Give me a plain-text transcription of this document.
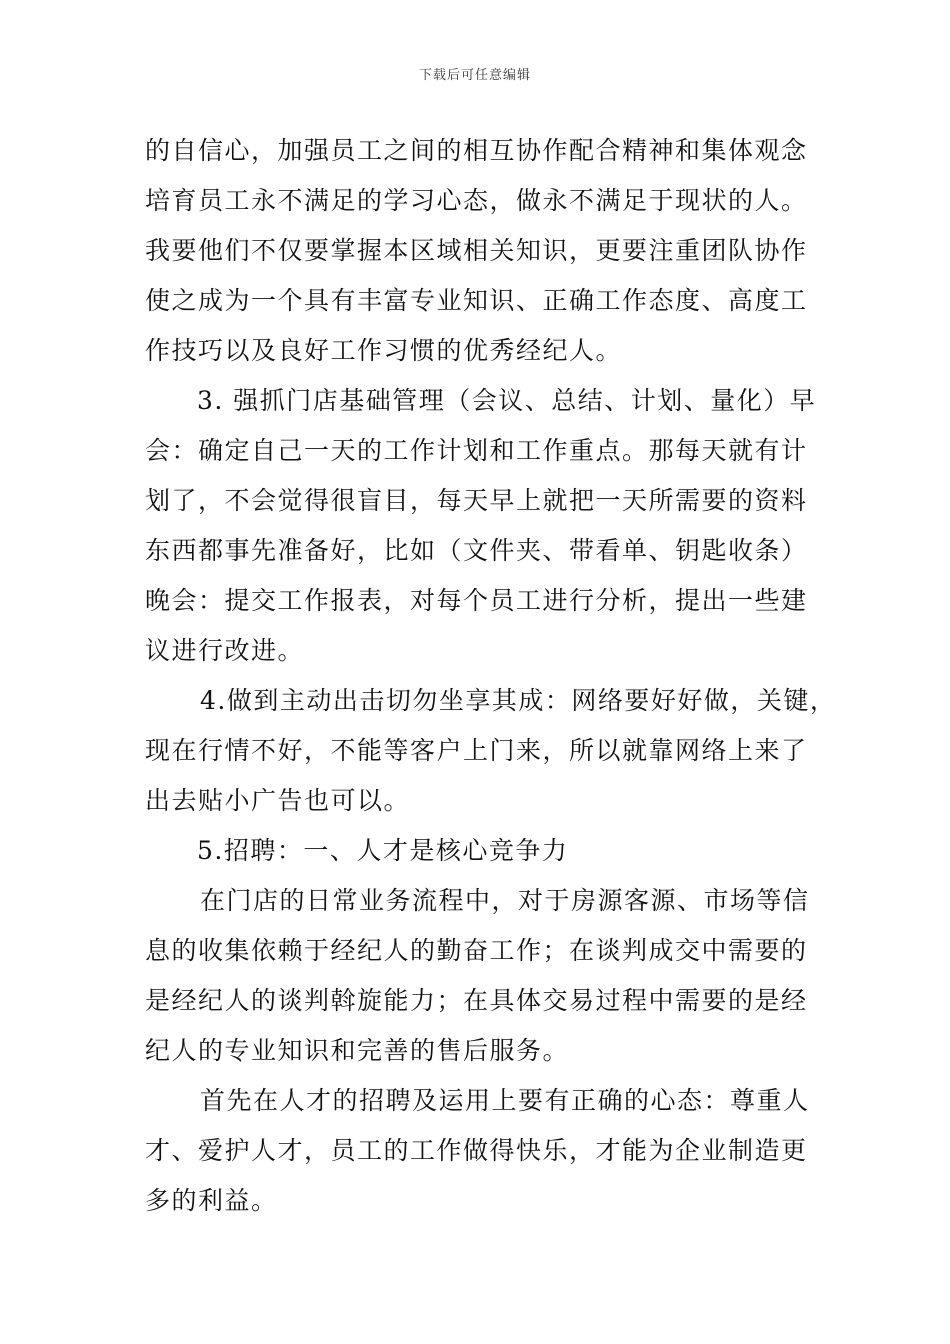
下载后可任意编辑
的自信心，加强员工之间的相互协作配合精神和集体观念
培育员工永不满足的学习心态，做永不满足于现状的人。
我要他们不仅要掌握本区域相关知识，更要注重团队协作
使之成为一个具有丰富专业知识、正确工作态度、高度工
作技巧以及良好工作习惯的优秀经纪人。
3. 强抓门店基础管理（会议、总结、计划、量化）早
会：确定自己一天的工作计划和工作重点。那每天就有计
划了，不会觉得很盲目，每天早上就把一天所需要的资料
东西都事先准备好，比如（文件夹、带看单、钥匙收条）
晚会：提交工作报表，对每个员工进行分析，提出一些建
议进行改进。
4.做到主动出击切勿坐享其成：网络要好好做，关键，
现在行情不好，不能等客户上门来，所以就靠网络上来了
出去贴小广告也可以。
5.招聘：一、人才是核心竞争力
在门店的日常业务流程中，对于房源客源、市场等信
息的收集依赖于经纪人的勤奋工作；在谈判成交中需要的
是经纪人的谈判斡旋能力；在具体交易过程中需要的是经
纪人的专业知识和完善的售后服务。
首先在人才的招聘及运用上要有正确的心态：尊重人
才、爱护人才，员工的工作做得快乐，才能为企业制造更
多的利益。
